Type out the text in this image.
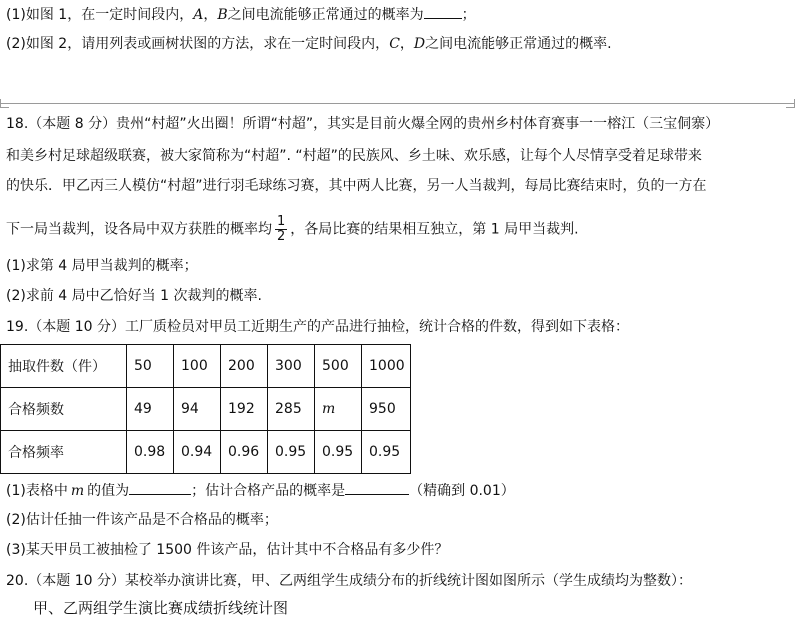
(1)如图 1，在一定时间段内，A，B之间电流能够正常通过的概率为	；
(2)如图 2，请用列表或画树状图的方法，求在一定时间段内，C，D之间电流能够正常通过的概率.
18.（本题 8 分）贵州“村超”火出圈！所谓“村超”，其实是目前火爆全网的贵州乡村体育赛事一一榕江（三宝侗寨）
和美乡村足球超级联赛，被大家简称为“村超”. “村超”的民族风、乡土味、欢乐感，让每个人尽情享受着足球带来
的快乐．甲乙丙三人模仿“村超”进行羽毛球练习赛，其中两人比赛，另一人当裁判，每局比赛结束时，负的一方在
下一局当裁判，设各局中双方获胜的概率均 $\frac{1}{2}$ ，各局比赛的结果相互独立，第 1 局甲当裁判.
(1)求第 4 局甲当裁判的概率；
(2)求前 4 局中乙恰好当 1 次裁判的概率.
19.（本题 10 分）工厂质检员对甲员工近期生产的产品进行抽检，统计合格的件数，得到如下表格：
抽取件数（件）	50	100	200	300	500	1000
合格频数	49	94	192	285	m	950
合格频率	0.98	0.94	0.96	0.95	0.95	0.95
(1)表格中 m 的值为	；估计合格产品的概率是	（精确到 0.01）
(2)估计任抽一件该产品是不合格品的概率；
(3)某天甲员工被抽检了 1500 件该产品，估计其中不合格品有多少件？
20.（本题 10 分）某校举办演讲比赛，甲、乙两组学生成绩分布的折线统计图如图所示（学生成绩均为整数）：
甲、乙两组学生演比赛成绩折线统计图
